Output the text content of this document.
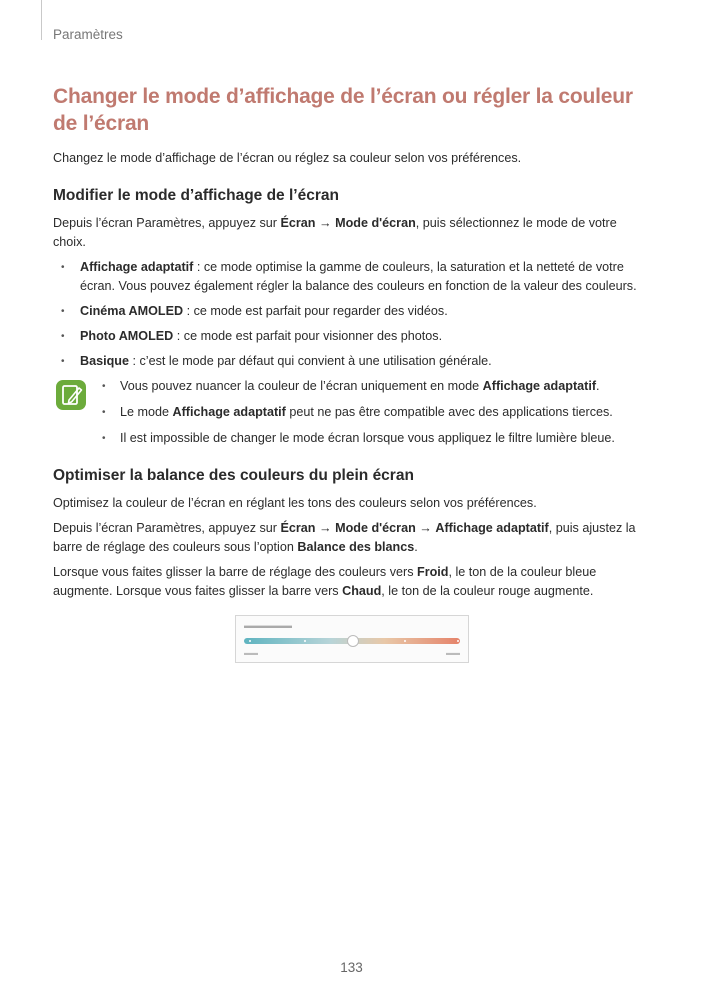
Paramètres
Changer le mode d’affichage de l’écran ou régler la couleur de l’écran

Changez le mode d’affichage de l’écran ou réglez sa couleur selon vos préférences.

Modifier le mode d’affichage de l’écran

Depuis l’écran Paramètres, appuyez sur Écran → Mode d'écran, puis sélectionnez le mode de votre choix.

• Affichage adaptatif : ce mode optimise la gamme de couleurs, la saturation et la netteté de votre écran. Vous pouvez également régler la balance des couleurs en fonction de la valeur des couleurs.
• Cinéma AMOLED : ce mode est parfait pour regarder des vidéos.
• Photo AMOLED : ce mode est parfait pour visionner des photos.
• Basique : c’est le mode par défaut qui convient à une utilisation générale.
• Vous pouvez nuancer la couleur de l’écran uniquement en mode Affichage adaptatif.
• Le mode Affichage adaptatif peut ne pas être compatible avec des applications tierces.
• Il est impossible de changer le mode écran lorsque vous appliquez le filtre lumière bleue.
Optimiser la balance des couleurs du plein écran

Optimisez la couleur de l’écran en réglant les tons des couleurs selon vos préférences.

Depuis l’écran Paramètres, appuyez sur Écran → Mode d'écran → Affichage adaptatif, puis ajustez la barre de réglage des couleurs sous l’option Balance des blancs.

Lorsque vous faites glisser la barre de réglage des couleurs vers Froid, le ton de la couleur bleue augmente. Lorsque vous faites glisser la barre vers Chaud, le ton de la couleur rouge augmente.

▬▬▬▬▬▬
▬▬	▬▬
133
